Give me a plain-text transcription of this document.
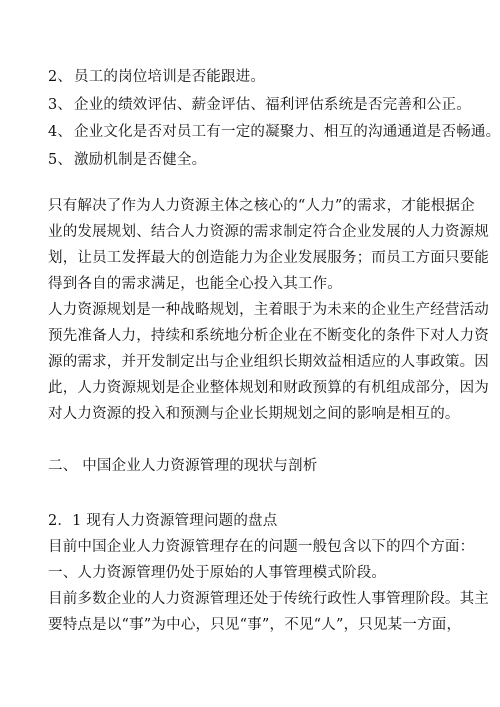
2、 员工的岗位培训是否能跟进。
3、 企业的绩效评估、薪金评估、福利评估系统是否完善和公正。
4、 企业文化是否对员工有一定的凝聚力、相互的沟通通道是否畅通。
5、 激励机制是否健全。
只有解决了作为人力资源主体之核心的“人力”的需求，才能根据企
业的发展规划、结合人力资源的需求制定符合企业发展的人力资源规
划，让员工发挥最大的创造能力为企业发展服务；而员工方面只要能
得到各自的需求满足，也能全心投入其工作。
人力资源规划是一种战略规划，主着眼于为未来的企业生产经营活动
预先准备人力，持续和系统地分析企业在不断变化的条件下对人力资
源的需求，并开发制定出与企业组织长期效益相适应的人事政策。因
此，人力资源规划是企业整体规划和财政预算的有机组成部分，因为
对人力资源的投入和预测与企业长期规划之间的影响是相互的。
二、 中国企业人力资源管理的现状与剖析
2．1 现有人力资源管理问题的盘点
目前中国企业人力资源管理存在的问题一般包含以下的四个方面：
一、人力资源管理仍处于原始的人事管理模式阶段。
目前多数企业的人力资源管理还处于传统行政性人事管理阶段。其主
要特点是以“事”为中心，只见“事”，不见“人”，只见某一方面，
